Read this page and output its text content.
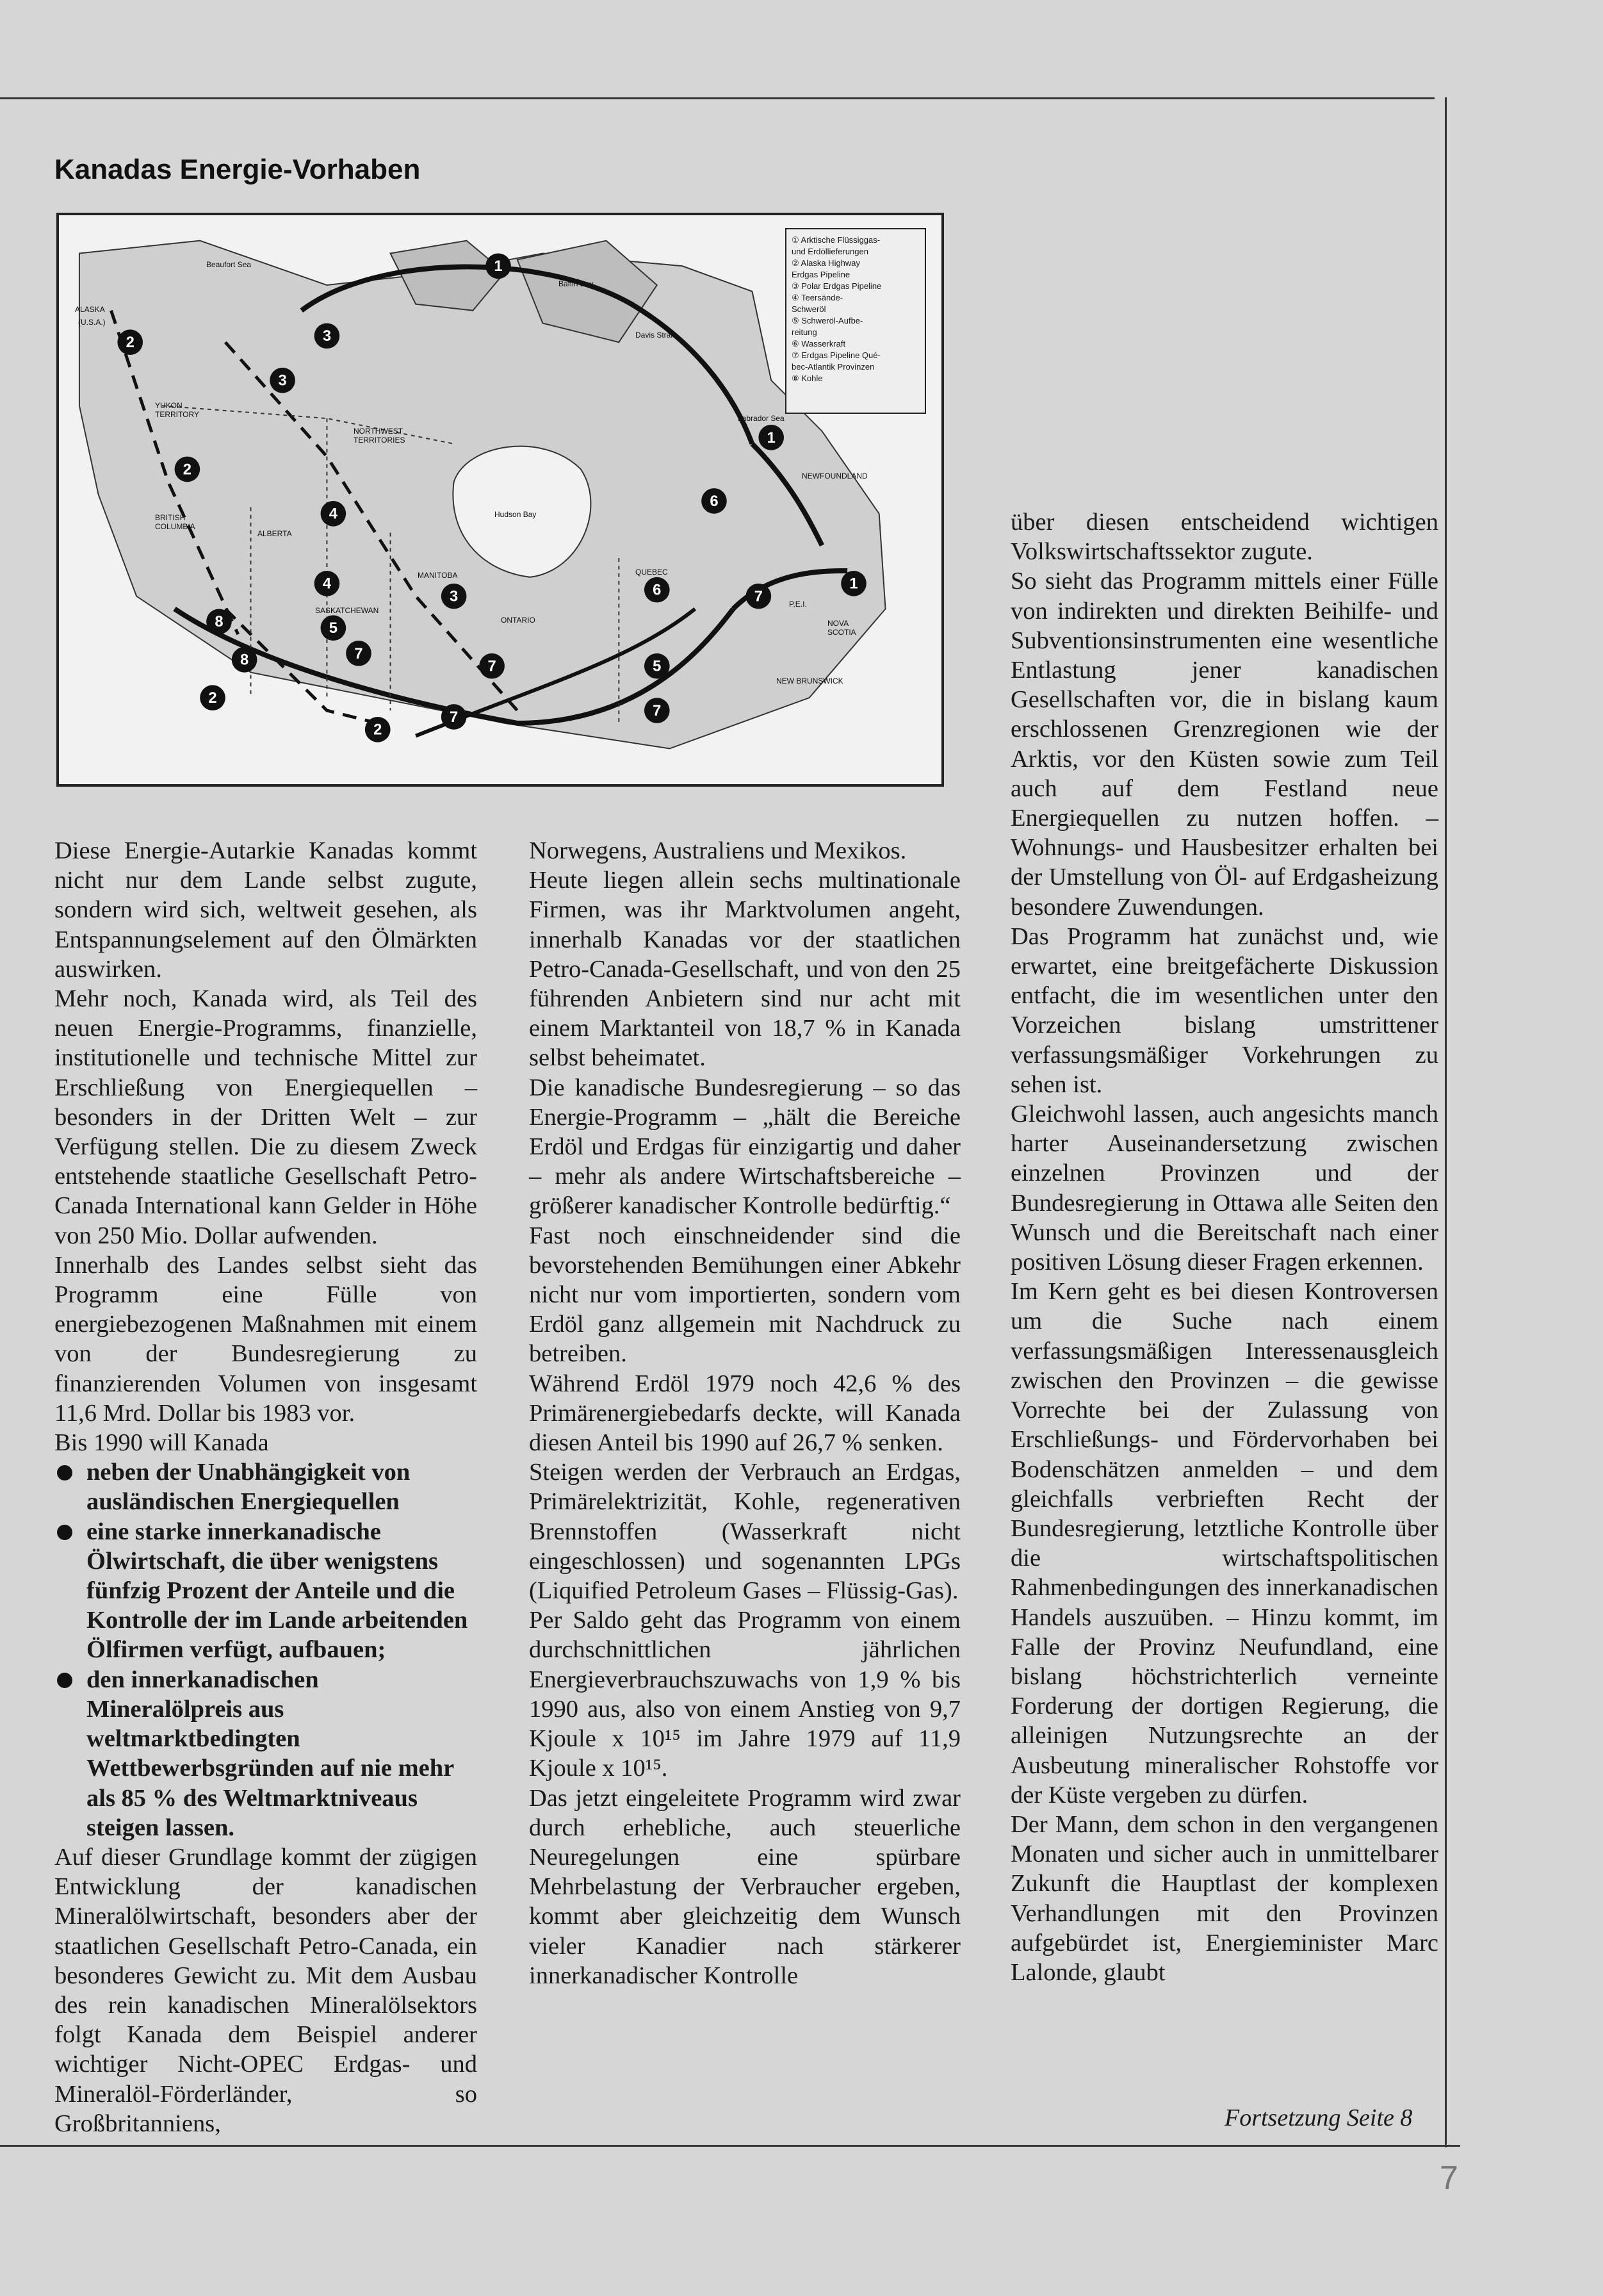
Kanadas Energie-Vorhaben
1
1
1
2
2
2
2
3
3
3
4
4
5
5
6
6
7
7
7	7
7
8
8
ALASKA
(U.S.A.)
Beaufort Sea
Baffin Bay
Davis Strait
Labrador Sea
YUKON TERRITORY
NORTHWEST TERRITORIES
Hudson Bay
BRITISH COLUMBIA
ALBERTA
MANITOBA
SASKATCHEWAN
ONTARIO
QUEBEC
NEWFOUNDLAND
P.E.I.
NOVA SCOTIA
NEW BRUNSWICK
① Arktische Flüssiggas-
und Erdöllieferungen
② Alaska Highway
Erdgas Pipeline
③ Polar Erdgas Pipeline
④ Teersände-
Schweröl
⑤ Schweröl-Aufbe-
reitung
⑥ Wasserkraft
⑦ Erdgas Pipeline Qué-
bec-Atlantik Provinzen
⑧ Kohle

Diese Energie-Autarkie Kanadas kommt nicht nur dem Lande selbst zugute, sondern wird sich, weltweit gesehen, als Entspannungselement auf den Ölmärkten auswirken.

Mehr noch, Kanada wird, als Teil des neuen Energie-Programms, finanzielle, institutionelle und technische Mittel zur Erschließung von Energiequellen – besonders in der Dritten Welt – zur Verfügung stellen. Die zu diesem Zweck entstehende staatliche Gesellschaft Petro-Canada International kann Gelder in Höhe von 250 Mio. Dollar aufwenden.

Innerhalb des Landes selbst sieht das Programm eine Fülle von energiebezogenen Maßnahmen mit einem von der Bundesregierung zu finanzierenden Volumen von insgesamt 11,6 Mrd. Dollar bis 1983 vor.

Bis 1990 will Kanada

neben der Unabhängigkeit von ausländischen Energiequellen

eine starke innerkanadische Ölwirtschaft, die über wenigstens fünfzig Prozent der Anteile und die Kontrolle der im Lande arbeitenden Ölfirmen verfügt, aufbauen;

den innerkanadischen Mineralölpreis aus weltmarktbedingten Wettbewerbsgründen auf nie mehr als 85 % des Weltmarktniveaus steigen lassen.

Auf dieser Grundlage kommt der zügigen Entwicklung der kanadischen Mineralölwirtschaft, besonders aber der staatlichen Gesellschaft Petro-Canada, ein besonderes Gewicht zu. Mit dem Ausbau des rein kanadischen Mineralölsektors folgt Kanada dem Beispiel anderer wichtiger Nicht-OPEC Erdgas- und Mineralöl-Förderländer, so Großbritanniens,

Norwegens, Australiens und Mexikos.

Heute liegen allein sechs multinationale Firmen, was ihr Marktvolumen angeht, innerhalb Kanadas vor der staatlichen Petro-Canada-Gesellschaft, und von den 25 führenden Anbietern sind nur acht mit einem Marktanteil von 18,7 % in Kanada selbst beheimatet.

Die kanadische Bundesregierung – so das Energie-Programm – „hält die Bereiche Erdöl und Erdgas für einzigartig und daher – mehr als andere Wirtschaftsbereiche – größerer kanadischer Kontrolle bedürftig.“

Fast noch einschneidender sind die bevorstehenden Bemühungen einer Abkehr nicht nur vom importierten, sondern vom Erdöl ganz allgemein mit Nachdruck zu betreiben.

Während Erdöl 1979 noch 42,6 % des Primärenergiebedarfs deckte, will Kanada diesen Anteil bis 1990 auf 26,7 % senken.

Steigen werden der Verbrauch an Erdgas, Primärelektrizität, Kohle, regenerativen Brennstoffen (Wasserkraft nicht eingeschlossen) und sogenannten LPGs (Liquified Petroleum Gases – Flüssig-Gas).

Per Saldo geht das Programm von einem durchschnittlichen jährlichen Energieverbrauchszuwachs von 1,9 % bis 1990 aus, also von einem Anstieg von 9,7 Kjoule x 10¹⁵ im Jahre 1979 auf 11,9 Kjoule x 10¹⁵.

Das jetzt eingeleitete Programm wird zwar durch erhebliche, auch steuerliche Neuregelungen eine spürbare Mehrbelastung der Verbraucher ergeben, kommt aber gleichzeitig dem Wunsch vieler Kanadier nach stärkerer innerkanadischer Kontrolle

über diesen entscheidend wichtigen Volkswirtschaftssektor zugute.

So sieht das Programm mittels einer Fülle von indirekten und direkten Beihilfe- und Subventionsinstrumenten eine wesentliche Entlastung jener kanadischen Gesellschaften vor, die in bislang kaum erschlossenen Grenzregionen wie der Arktis, vor den Küsten sowie zum Teil auch auf dem Festland neue Energiequellen zu nutzen hoffen. – Wohnungs- und Hausbesitzer erhalten bei der Umstellung von Öl- auf Erdgasheizung besondere Zuwendungen.

Das Programm hat zunächst und, wie erwartet, eine breitgefächerte Diskussion entfacht, die im wesentlichen unter den Vorzeichen bislang umstrittener verfassungsmäßiger Vorkehrungen zu sehen ist.

Gleichwohl lassen, auch angesichts manch harter Auseinandersetzung zwischen einzelnen Provinzen und der Bundesregierung in Ottawa alle Seiten den Wunsch und die Bereitschaft nach einer positiven Lösung dieser Fragen erkennen.

Im Kern geht es bei diesen Kontroversen um die Suche nach einem verfassungsmäßigen Interessenausgleich zwischen den Provinzen – die gewisse Vorrechte bei der Zulassung von Erschließungs- und Fördervorhaben bei Bodenschätzen anmelden – und dem gleichfalls verbrieften Recht der Bundesregierung, letztliche Kontrolle über die wirtschaftspolitischen Rahmenbedingungen des innerkanadischen Handels auszuüben. – Hinzu kommt, im Falle der Provinz Neufundland, eine bislang höchstrichterlich verneinte Forderung der dortigen Regierung, die alleinigen Nutzungsrechte an der Ausbeutung mineralischer Rohstoffe vor der Küste vergeben zu dürfen.

Der Mann, dem schon in den vergangenen Monaten und sicher auch in unmittelbarer Zukunft die Hauptlast der komplexen Verhandlungen mit den Provinzen aufgebürdet ist, Energieminister Marc Lalonde, glaubt

Fortsetzung Seite 8
7
